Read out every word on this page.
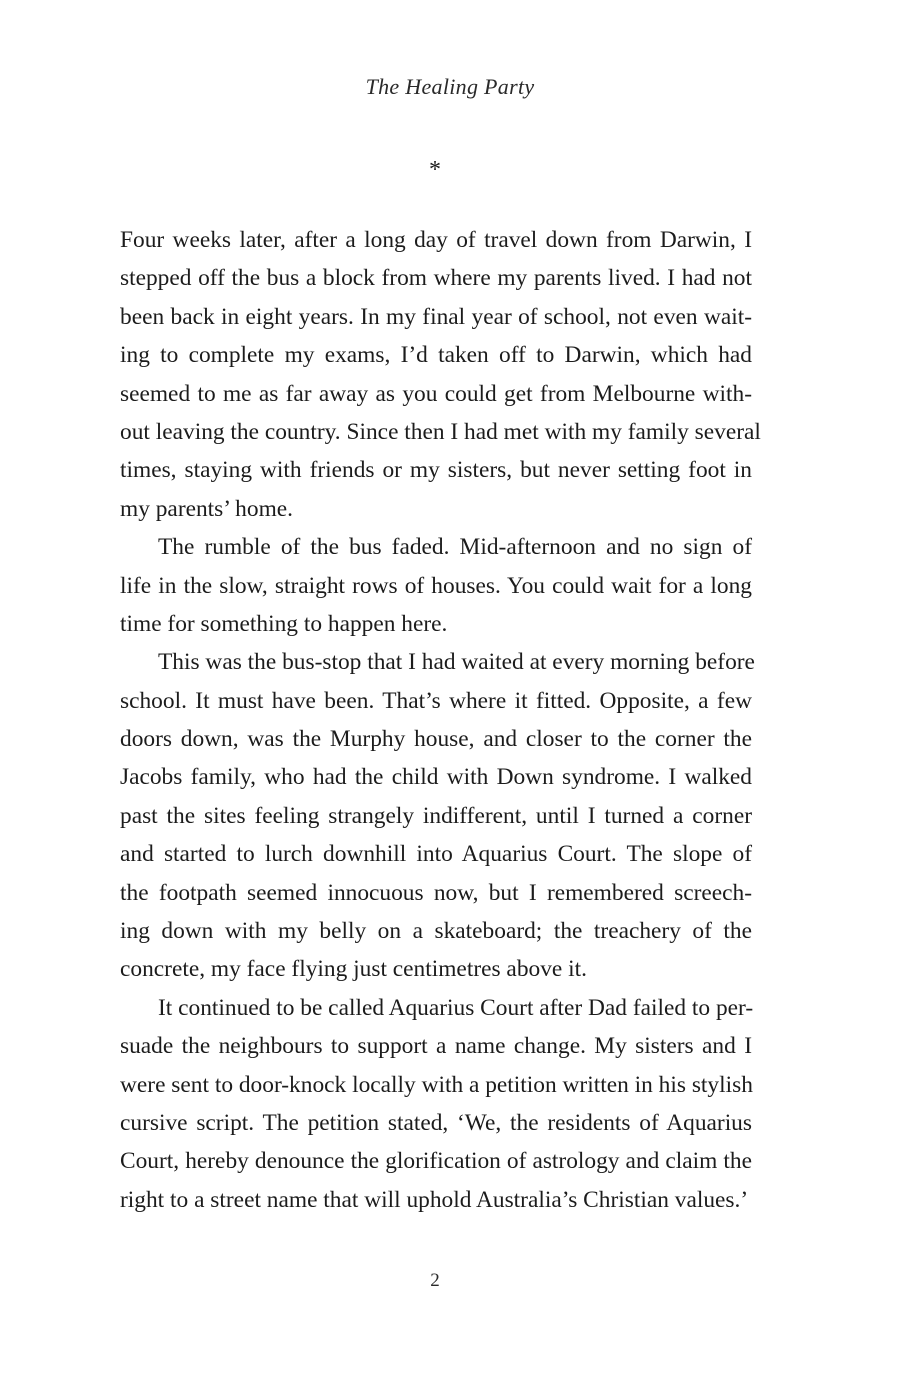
The Healing Party
*

Four weeks later, after a long day of travel down from Darwin, I
stepped off the bus a block from where my parents lived. I had not
been back in eight years. In my final year of school, not even wait-
ing to complete my exams, I’d taken off to Darwin, which had
seemed to me as far away as you could get from Melbourne with-
out leaving the country. Since then I had met with my family several
times, staying with friends or my sisters, but never setting foot in
my parents’ home.

The rumble of the bus faded. Mid-afternoon and no sign of
life in the slow, straight rows of houses. You could wait for a long
time for something to happen here.

This was the bus-stop that I had waited at every morning before
school. It must have been. That’s where it fitted. Opposite, a few
doors down, was the Murphy house, and closer to the corner the
Jacobs family, who had the child with Down syndrome. I walked
past the sites feeling strangely indifferent, until I turned a corner
and started to lurch downhill into Aquarius Court. The slope of
the footpath seemed innocuous now, but I remembered screech-
ing down with my belly on a skateboard; the treachery of the
concrete, my face flying just centimetres above it.

It continued to be called Aquarius Court after Dad failed to per-
suade the neighbours to support a name change. My sisters and I
were sent to door-knock locally with a petition written in his stylish
cursive script. The petition stated, ‘We, the residents of Aquarius
Court, hereby denounce the glorification of astrology and claim the
right to a street name that will uphold Australia’s Christian values.’

2
